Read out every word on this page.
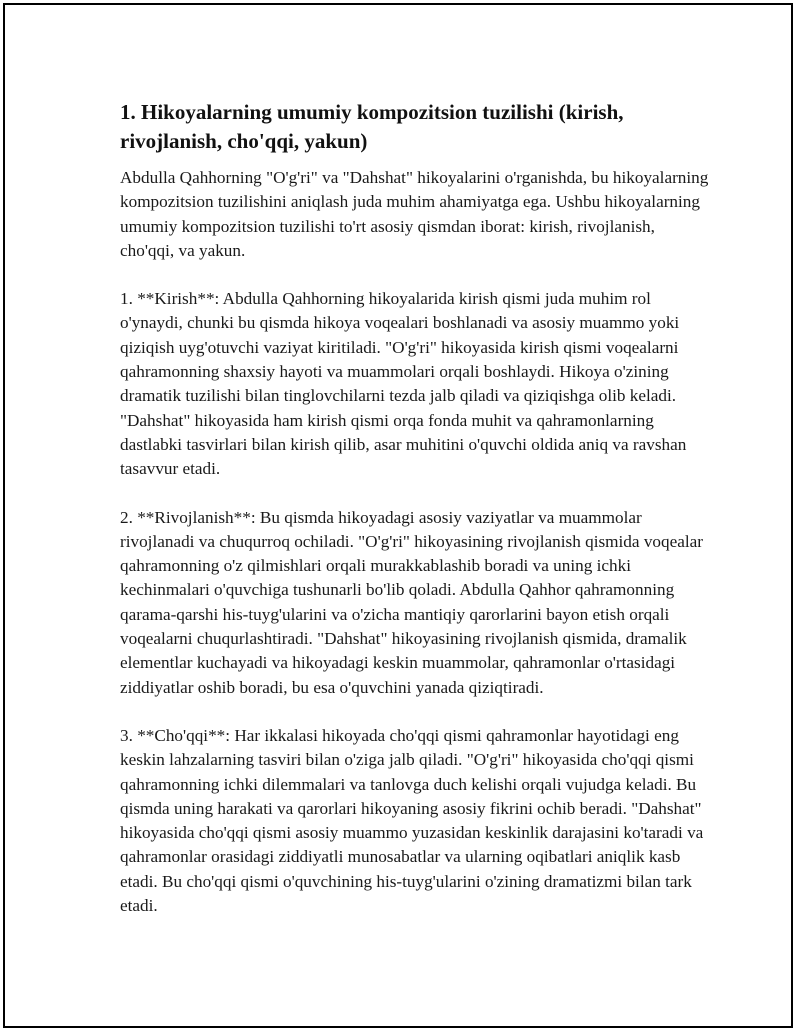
1. Hikoyalarning umumiy kompozitsion tuzilishi (kirish, rivojlanish, cho'qqi, yakun)

Abdulla Qahhorning "O'g'ri" va "Dahshat" hikoyalarini o'rganishda, bu hikoyalarning kompozitsion tuzilishini aniqlash juda muhim ahamiyatga ega. Ushbu hikoyalarning umumiy kompozitsion tuzilishi to'rt asosiy qismdan iborat: kirish, rivojlanish, cho'qqi, va yakun.

1. **Kirish**: Abdulla Qahhorning hikoyalarida kirish qismi juda muhim rol o'ynaydi, chunki bu qismda hikoya voqealari boshlanadi va asosiy muammo yoki qiziqish uyg'otuvchi vaziyat kiritiladi. "O'g'ri" hikoyasida kirish qismi voqealarni qahramonning shaxsiy hayoti va muammolari orqali boshlaydi. Hikoya o'zining dramatik tuzilishi bilan tinglovchilarni tezda jalb qiladi va qiziqishga olib keladi. "Dahshat" hikoyasida ham kirish qismi orqa fonda muhit va qahramonlarning dastlabki tasvirlari bilan kirish qilib, asar muhitini o'quvchi oldida aniq va ravshan tasavvur etadi.

2. **Rivojlanish**: Bu qismda hikoyadagi asosiy vaziyatlar va muammolar rivojlanadi va chuqurroq ochiladi. "O'g'ri" hikoyasining rivojlanish qismida voqealar qahramonning o'z qilmishlari orqali murakkablashib boradi va uning ichki kechinmalari o'quvchiga tushunarli bo'lib qoladi. Abdulla Qahhor qahramonning qarama-qarshi his-tuyg'ularini va o'zicha mantiqiy qarorlarini bayon etish orqali voqealarni chuqurlashtiradi. "Dahshat" hikoyasining rivojlanish qismida, dramalik elementlar kuchayadi va hikoyadagi keskin muammolar, qahramonlar o'rtasidagi ziddiyatlar oshib boradi, bu esa o'quvchini yanada qiziqtiradi.

3. **Cho'qqi**: Har ikkalasi hikoyada cho'qqi qismi qahramonlar hayotidagi eng keskin lahzalarning tasviri bilan o'ziga jalb qiladi. "O'g'ri" hikoyasida cho'qqi qismi qahramonning ichki dilemmalari va tanlovga duch kelishi orqali vujudga keladi. Bu qismda uning harakati va qarorlari hikoyaning asosiy fikrini ochib beradi. "Dahshat" hikoyasida cho'qqi qismi asosiy muammo yuzasidan keskinlik darajasini ko'taradi va qahramonlar orasidagi ziddiyatli munosabatlar va ularning oqibatlari aniqlik kasb etadi. Bu cho'qqi qismi o'quvchining his-tuyg'ularini o'zining dramatizmi bilan tark etadi.
